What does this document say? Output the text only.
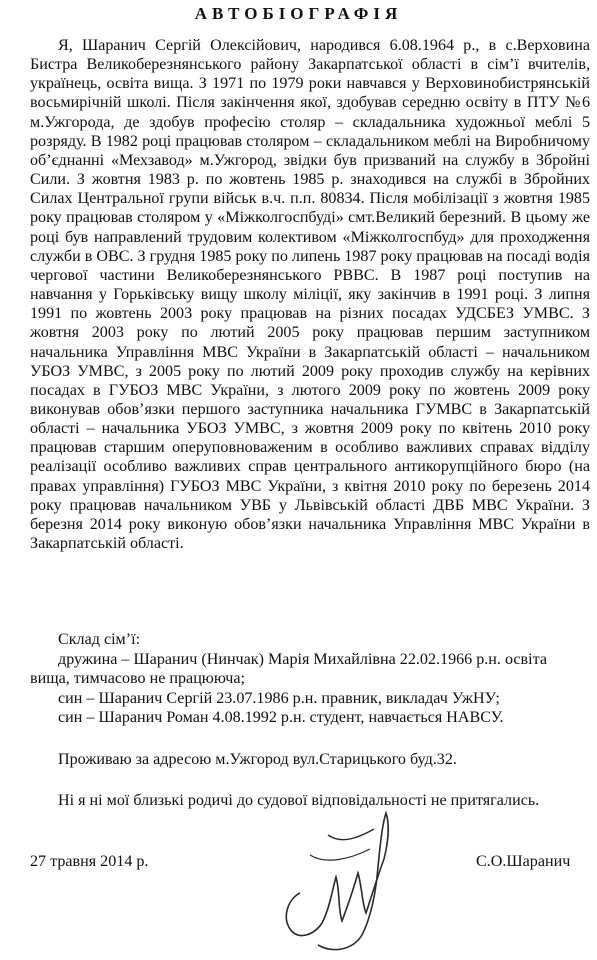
АВТОБІОГРАФІЯ

Я, Шаранич Сергій Олексійович, народився 6.08.1964 р., в с.Верховина Бистра Великоберезнянського району Закарпатської області в сім’ї вчителів, українець, освіта вища. З 1971 по 1979 роки навчався у Верховинобистрянській восьмирічній школі. Після закінчення якої, здобував середню освіту в ПТУ №6 м.Ужгорода, де здобув професію столяр – складальника художньої меблі 5 розряду. В 1982 році працював столяром – складальником меблі на Виробничому об’єднанні «Мехзавод» м.Ужгород, звідки був призваний на службу в Збройні Сили. З жовтня 1983 р. по жовтень 1985 р. знаходився на службі в Збройних Силах Центральної групи військ в.ч. п.п. 80834. Після мобілізації з жовтня 1985 року працював столяром у «Міжколгоспбуді» смт.Великий березний. В цьому же році був направлений трудовим колективом «Міжколгоспбуд» для проходження служби в ОВС. З грудня 1985 року по липень 1987 року працював на посаді водія чергової частини Великоберезнянського РВВС. В 1987 році поступив на навчання у Горьківську вищу школу міліції, яку закінчив в 1991 році. З липня 1991 по жовтень 2003 року працював на різних посадах УДСБЕЗ УМВС. З жовтня 2003 року по лютий 2005 року працював першим заступником начальника Управління МВС України в Закарпатській області – начальником УБОЗ УМВС, з 2005 року по лютий 2009 року проходив службу на керівних посадах в ГУБОЗ МВС України, з лютого 2009 року по жовтень 2009 року виконував обов’язки першого заступника начальника ГУМВС в Закарпатській області – начальника УБОЗ УМВС, з жовтня 2009 року по квітень 2010 року працював старшим оперуповноваженим в особливо важливих справах відділу реалізації особливо важливих справ центрального антикорупційного бюро (на правах управління) ГУБОЗ МВС України, з квітня 2010 року по березень 2014 року працював начальником УВБ у Львівській області ДВБ МВС України. З березня 2014 року виконую обов’язки начальника Управління МВС України в Закарпатській області.

Склад сім’ї:
дружина – Шаранич (Нинчак) Марія Михайлівна 22.02.1966 р.н. освіта
вища, тимчасово не працюючa;
син – Шаранич Сергій 23.07.1986 р.н. правник, викладач УжНУ;
син – Шаранич Роман 4.08.1992 р.н. студент, навчається НАВСУ.
Проживаю за адресою м.Ужгород вул.Старицького буд.32.
Ні я ні мої близькі родичі до судової відповідальності не притягались.
27 травня 2014 р.	С.О.Шаранич
